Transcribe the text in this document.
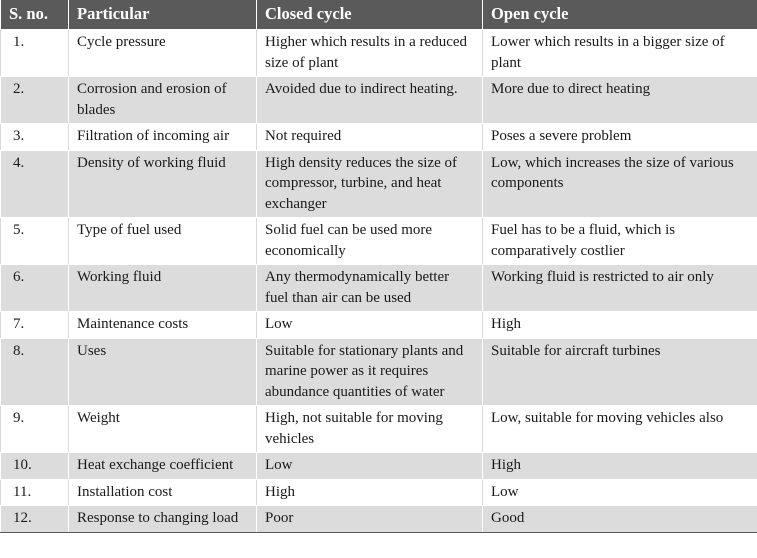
S. no.	Particular	Closed cycle	Open cycle
1.	Cycle pressure	Higher which results in a reduced size of plant	Lower which results in a bigger size of plant
2.	Corrosion and erosion of blades	Avoided due to indirect heating.	More due to direct heating
3.	Filtration of incoming air	Not required	Poses a severe problem
4.	Density of working fluid	High density reduces the size of compressor, turbine, and heat exchanger	Low, which increases the size of various components
5.	Type of fuel used	Solid fuel can be used more economically	Fuel has to be a fluid, which is comparatively costlier
6.	Working fluid	Any thermodynamically better fuel than air can be used	Working fluid is restricted to air only
7.	Maintenance costs	Low	High
8.	Uses	Suitable for stationary plants and marine power as it requires abundance quantities of water	Suitable for aircraft turbines
9.	Weight	High, not suitable for moving vehicles	Low, suitable for moving vehicles also
10.	Heat exchange coefficient	Low	High
11.	Installation cost	High	Low
12.	Response to changing load	Poor	Good
